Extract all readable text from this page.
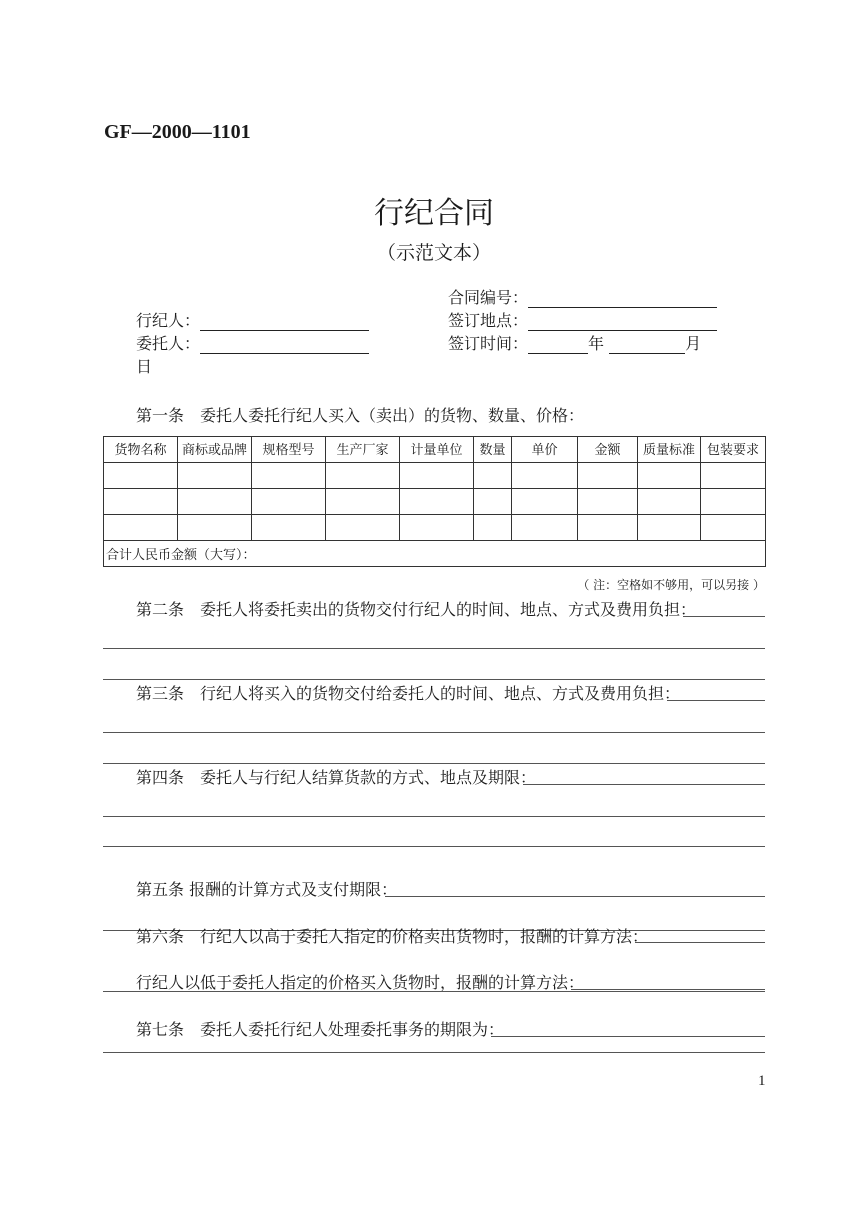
GF—2000—1101
行纪合同
（示范文本）
合同编号：
行纪人：	签订地点：
委托人：	签订时间：	年	月
日
第一条　委托人委托行纪人买入（卖出）的货物、数量、价格：
货物名称	商标或品牌	规格型号	生产厂家	计量单位	数量	单价	金额	质量标准	包装要求

合计人民币金额（大写）：									
（ 注：空格如不够用，可以另接 ）
第二条　委托人将委托卖出的货物交付行纪人的时间、地点、方式及费用负担：
第三条　行纪人将买入的货物交付给委托人的时间、地点、方式及费用负担：
第四条　委托人与行纪人结算货款的方式、地点及期限：
第五条 报酬的计算方式及支付期限：
第六条　行纪人以高于委托人指定的价格卖出货物时，报酬的计算方法：
行纪人以低于委托人指定的价格买入货物时，报酬的计算方法：
第七条　委托人委托行纪人处理委托事务的期限为：
1
